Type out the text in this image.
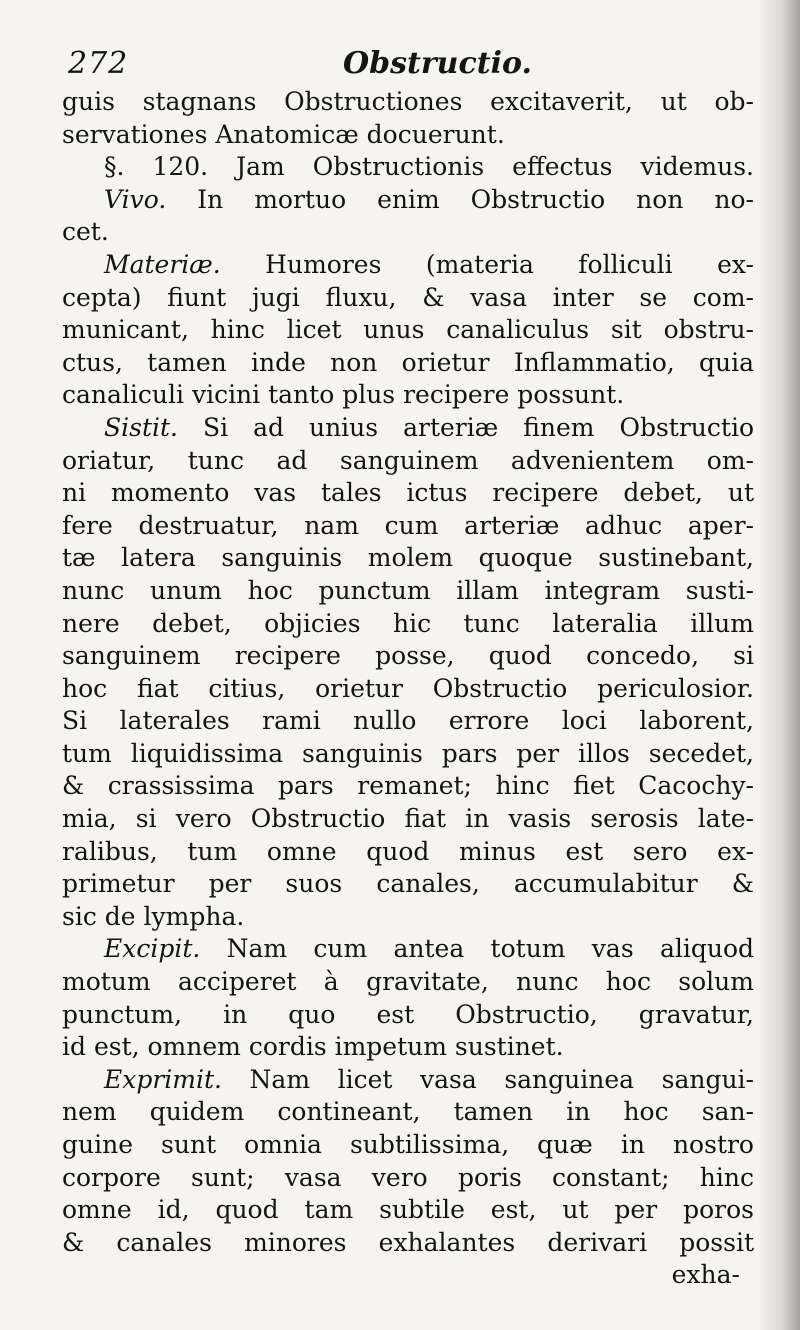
272	Obstructio.
guis stagnans Obstructiones excitaverit, ut ob-
servationes Anatomicæ docuerunt.
§. 120. Jam Obstructionis effectus videmus.
Vivo. In mortuo enim Obstructio non no-
cet.
Materiæ. Humores (materia folliculi ex-
cepta) fiunt jugi fluxu, & vasa inter se com-
municant, hinc licet unus canaliculus sit obstru-
ctus, tamen inde non orietur Inflammatio, quia
canaliculi vicini tanto plus recipere possunt.
Sistit. Si ad unius arteriæ finem Obstructio
oriatur, tunc ad sanguinem advenientem om-
ni momento vas tales ictus recipere debet, ut
fere destruatur, nam cum arteriæ adhuc aper-
tæ latera sanguinis molem quoque sustinebant,
nunc unum hoc punctum illam integram susti-
nere debet, objicies hic tunc lateralia illum
sanguinem recipere posse, quod concedo, si
hoc fiat citius, orietur Obstructio periculosior.
Si laterales rami nullo errore loci laborent,
tum liquidissima sanguinis pars per illos secedet,
& crassissima pars remanet; hinc fiet Cacochy-
mia, si vero Obstructio fiat in vasis serosis late-
ralibus, tum omne quod minus est sero ex-
primetur per suos canales, accumulabitur &
sic de lympha.
Excipit. Nam cum antea totum vas aliquod
motum acciperet à gravitate, nunc hoc solum
punctum, in quo est Obstructio, gravatur,
id est, omnem cordis impetum sustinet.
Exprimit. Nam licet vasa sanguinea sangui-
nem quidem contineant, tamen in hoc san-
guine sunt omnia subtilissima, quæ in nostro
corpore sunt; vasa vero poris constant; hinc
omne id, quod tam subtile est, ut per poros
& canales minores exhalantes derivari possit
exha-
